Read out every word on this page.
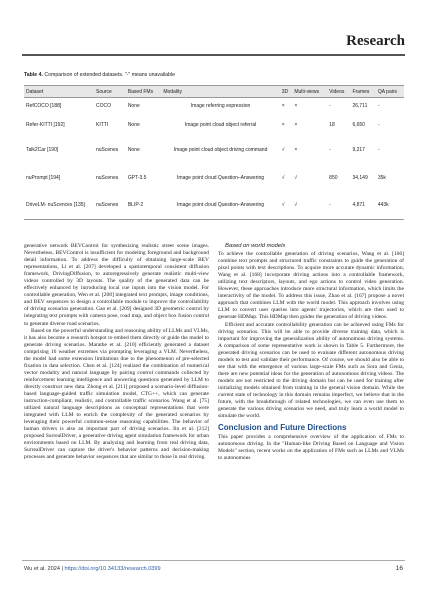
Research
Table 4. Comparison of extended datasets. "-" means unavailable
Dataset	Source	Based FMs	Modality	3D	Multi-views	Videos	Frames	QA pairs
RefCOCO [188]	COCO	None	Image referring expression	×	×	-	26,711	-
Refer-KITTI [192]	KITTI	None	Image point cloud object referral	×	×	18	6,650	-
Talk2Car [190]	nuScenes	None	Image point cloud object driving command	√	×	-	9,217	-
nuPrompt [194]	nuScenes	GPT-3.5	Image point cloud Question–Answering	√	√	850	34,149	35k
DriveLM- nuScences [135]	nuScenes	BLIP-2	Image point cloud Question–Answering	√	√	-	4,871	443k

generative network BEVControl for synthesizing realistic street scene images. Nevertheless, BEVControl is insufficient for modeling foreground and background detail information. To address the difficulty of obtaining large-scale BEV representations, Li et al. [207] developed a spatiotemporal consistent diffusion framework, DrivingDiffusion, to autoregressively generate realistic multi-view videos controlled by 3D layouts. The quality of the generated data can be effectively enhanced by introducing local cue inputs into the vision model. For controllable generation, Wen et al. [208] integrated text prompts, image conditions, and BEV sequences to design a controllable module to improve the controllability of driving scenarios generation. Gao et al. [209] designed 3D geometric control by integrating text prompts with camera pose, road map, and object box fusion control to generate diverse road scenarios.

Based on the powerful understanding and reasoning ability of LLMs and VLMs, it has also become a research hotspot to embed them directly or guide the model to generate driving scenarios. Marathe et al. [210] efficiently generated a dataset comprising 16 weather extremes via prompting leveraging a VLM. Nevertheless, the model had some extension limitations due to the phenomenon of pre-selected fixation in data selection. Chen et al. [124] realized the combination of numerical vector modality and natural language by pairing control commands collected by reinforcement learning intelligence and answering questions generated by LLM to directly construct new data. Zhong et al. [211] proposed a scenario-level diffusion-based language-guided traffic simulation model, CTG++, which can generate instruction-compliant, realistic, and controllable traffic scenarios. Wang et al. [75] utilized natural language descriptions as conceptual representations that were integrated with LLM to enrich the complexity of the generated scenarios by leveraging their powerful common-sense reasoning capabilities. The behavior of human drivers is also an important part of driving scenarios. Jin et al. [212] proposed SurrealDriver, a generative driving agent simulation framework for urban environments based on LLM. By analyzing and learning from real driving data, SurrealDriver can capture the driver's behavior patterns and decision-making processes and generate behavior sequences that are similar to those in real driving.

Based on world models

To achieve the controllable generation of driving scenarios, Wang et al. [166] combine text prompts and structured traffic constraints to guide the generation of pixel points with text descriptions. To acquire more accurate dynamic information, Wang et al. [168] incorporate driving actions into a controllable framework, utilizing text descriptors, layouts, and ego actions to control video generation. However, these approaches introduce more structural information, which limits the interactivity of the model. To address this issue, Zhao et al. [167] propose a novel approach that combines LLM with the world model. This approach involves using LLM to convert user queries into agents' trajectories, which are then used to generate HDMap. This HDMap then guides the generation of driving videos.

Efficient and accurate controllability generation can be achieved using FMs for driving scenarios. This will be able to provide diverse training data, which is important for improving the generalization ability of autonomous driving systems. A comparison of some representative work is shown in Table 5. Furthermore, the generated driving scenarios can be used to evaluate different autonomous driving models to test and validate their performance. Of course, we should also be able to see that with the emergence of various large-scale FMs such as Sora and Genia, there are new potential ideas for the generation of autonomous driving videos. The models are not restricted to the driving domain but can be used for training after initializing models obtained from training in the general vision domain. While the current state of technology in this domain remains imperfect, we believe that in the future, with the breakthrough of related technologies, we can even use them to generate the various driving scenarios we need, and truly learn a world model to simulate the world.

Conclusion and Future Directions

This paper provides a comprehensive overview of the application of FMs to autonomous driving. In the "Human-like Driving Based on Language and Vision Models" section, recent works on the application of FMs such as LLMs and VLMs to autonomous

Wu et al. 2024 | https://doi.org/10.34133/research.0399	16
